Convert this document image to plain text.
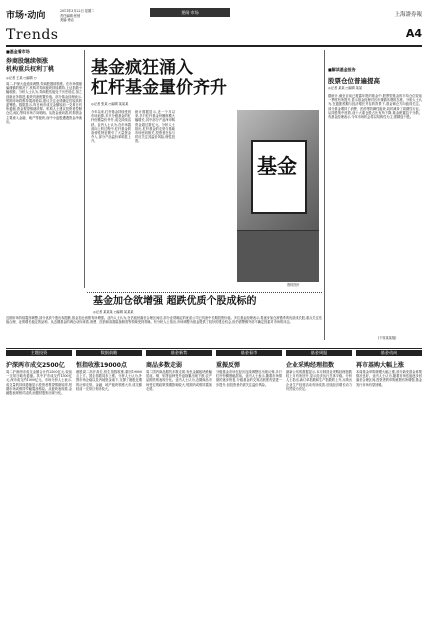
市场·动向	2011年3月22日 星期二
责任编辑:张弛
美编:徐洁
要闻·市场	上海證券報
Trends	A4
■基金看市场
券商股继续领涨
机构重兵权利丁桃
◎记者 王某 ○编辑 ○
周二,沪深大盘延续调整,券商股继续领涨。在市场情绪偏谨慎的情况下,机构对券商板块持续增持,上证指数小幅收跌。分析人士认为,券商股估值处于历史低位,加之创新业务推进,板块具备配置价值。部分基金经理表示,短期市场将维持震荡格局,建议关注业绩确定性较高的蓝筹股。数据显示,昨日两市成交金额较前一交易日有所萎缩,资金观望情绪浓厚。机构人士建议投资者控制仓位,耐心等待市场方向明朗。从资金流向看,机构资金主要流入金融、地产等板块,而中小盘股遭遇资金净流出。
基金疯狂涌入
杠杆基金量价齐升
◎记者 张某 ○编辑 某某某
今年以来,杠杆基金持续受到市场追捧,多只分级基金的杠杆份额量价齐升,成交持续活跃。业内人士认为,在市场震荡向上的过程中,杠杆基金的高弹性特征吸引了大量资金介入,部分产品溢价率明显上升。
统计数据显示,近一个月以来,多只杠杆基金份额规模大幅增长,其中部分产品净申购资金超过数亿元。分析人士指出,杠杆基金的走势与基础市场密切相关,投资者在参与时应关注其溢价风险,理性投资。
基金
资料图片
■解读基金报告
股票仓位普遍提高
◎记者 某某 ○编辑 某某
据统计,截至目前已披露年报的基金中,股票型基金的平均仓位较前一季度有所提升,显示基金经理对后市谨慎乐观的态度。分析人士认为,在通胀预期与经济增长并存的背景下,基金调仓方向值得关注。部分基金增持了消费、医药等防御性板块,同时减持了周期性行业。从持股集中度看,前十大重仓股占比有所下降,基金配置趋于分散。有基金经理表示,今年市场机会将以结构性为主,需精选个股。
(下转某某版)
基金加仓欲增强 超跌优质个股成标的
◎记者 某某某 ○编辑 某某某
近期市场持续震荡调整,部分优质个股出现超跌,基金加仓意愿有所增强。业内人士认为,在估值回落至合理区间后,部分业绩确定的优质公司已具备中长期投资价值。多位基金经理表示,将逐步加仓被错杀的优质成长股,重点关注估值合理、业绩增长稳定的品种。从近期基金的调仓动向来看,消费、医药和高端装备制造等领域受到青睐。有分析人士指出,市场调整为基金提供了较好的建仓机会,但仍需警惕外部不确定因素对市场的冲击。
主题投资	数据前瞻	基金新势	基金看市	基金周报	基金动向
沪深两市成交2500亿
周二沪深两市成交金额合计约2500亿元,较前一交易日略有萎缩。其中沪市成交约1500亿元,深市成交约1000亿元。市场分析人士表示,成交量的持续萎缩显示投资者观望情绪较浓,短期市场或维持窄幅震荡格局。从板块表现看,金融股表现相对活跃,而题材股则出现分化。
恒指收涨19000点
港股周二高开高走,恒生指数收涨,重回19000点上方。国企指数同步上涨。分析人士认为,外围市场企稳以及内地资金南下,支撑了港股近期的反弹走势。金融、地产板块领涨大市,成交额较前一交易日有所放大。
商品多数走弱
周二国内商品期货多数走弱,有色金属板块跌幅居前。铜、铝等品种受外盘拖累出现下跌,农产品期货则表现分化。业内人士认为,近期商品市场受宏观政策预期影响较大,短期内或维持震荡走势。
重振反弹
分级基金市场在经历连续调整后出现反弹,多只杠杆份额涨幅居前。业内人士表示,随着市场情绪的逐步恢复,分级基金的交易活跃度有望进一步提升,但投资者仍需关注溢价风险。
企业采购经理指数
最新公布的数据显示,本月制造业采购经理指数较上月有所回升,显示经济运行总体平稳。分析人士指出,新订单指数和生产指数的上升,反映出企业生产经营活动有所改善,后续经济增长动力仍然较为充足。
再市基购大幅上涨
本周基金申购规模大幅上涨,部分新发基金募集情况良好。业内人士认为,随着市场估值逐步回落至合理区间,投资者的申购意愿有所增强,基金发行市场有望回暖。
